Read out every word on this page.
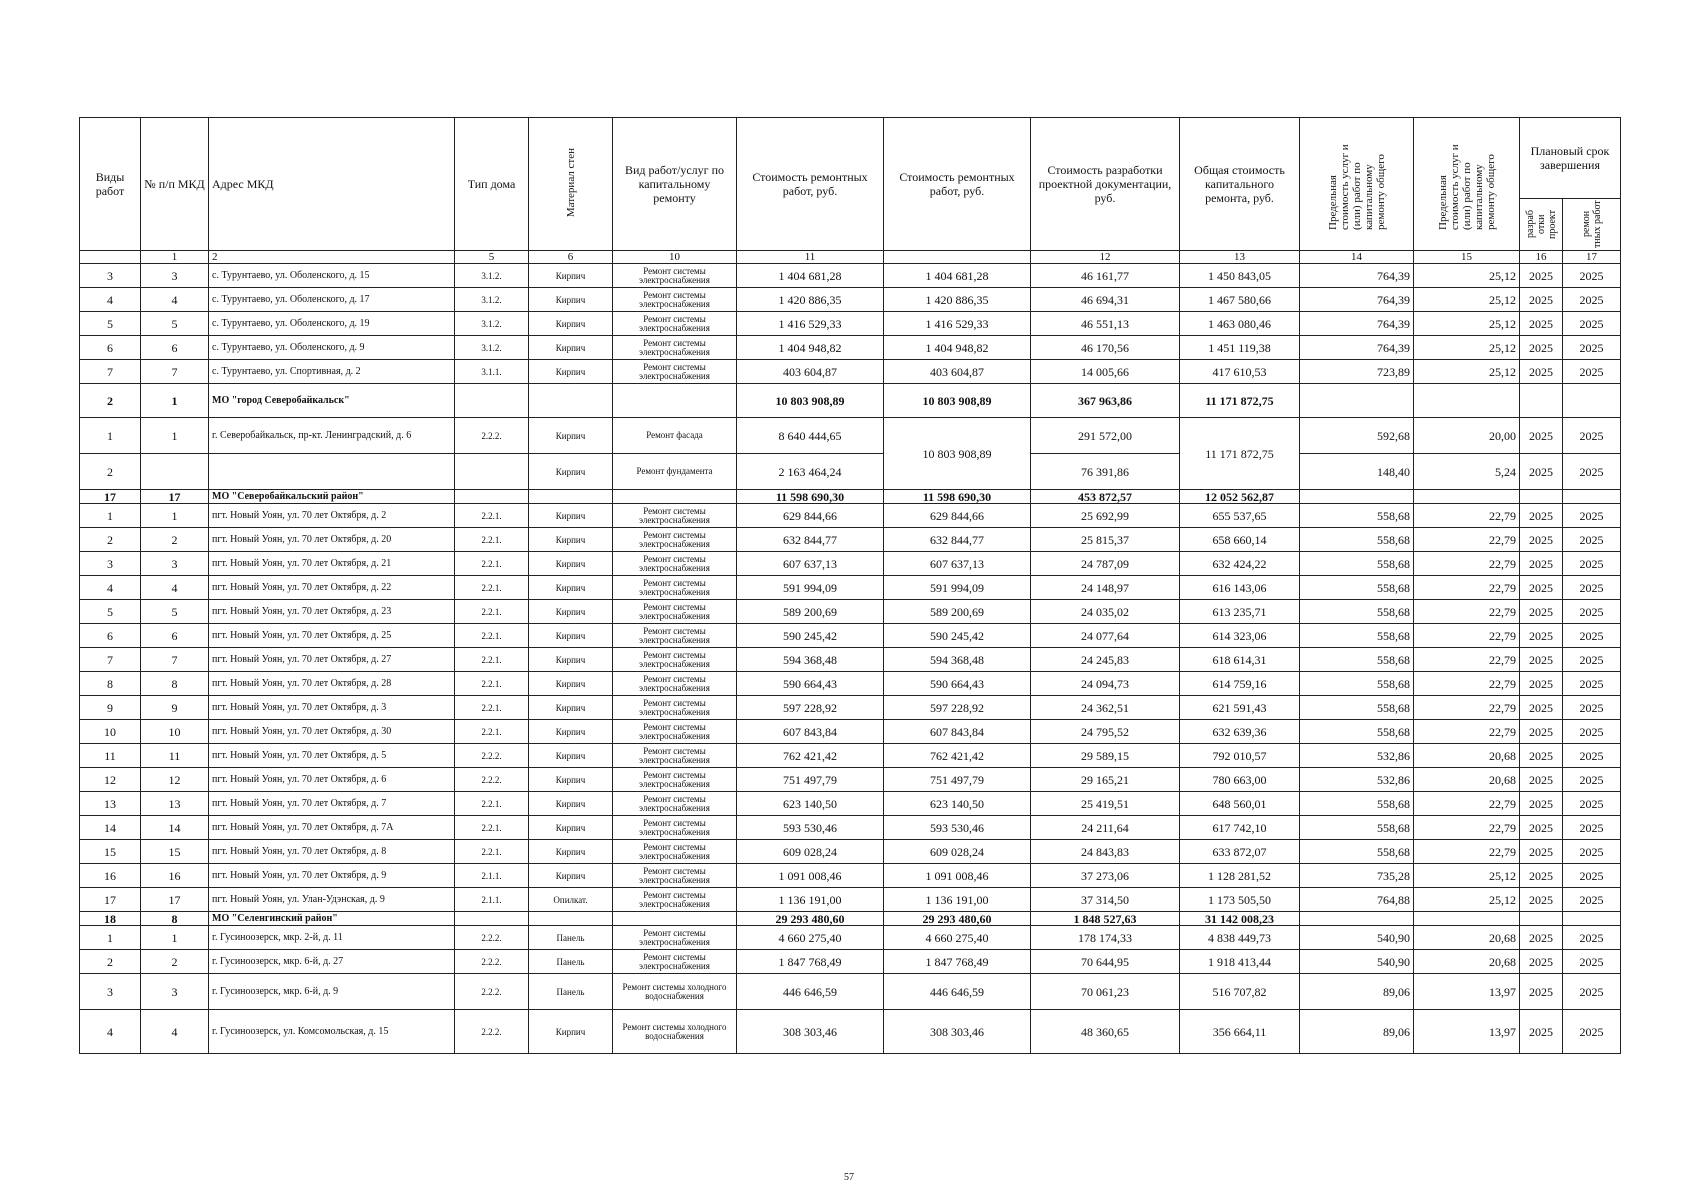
Виды работ	№ п/п МКД	Адрес МКД	Тип дома	Материал стен	Вид работ/услуг по капитальному ремонту	Стоимость ремонтных работ, руб.	Стоимость ремонтных работ, руб.	Стоимость разработки проектной документации, руб.	Общая стоимость капитального ремонта, руб.	Предельная стоимость услуг и (или) работ по капитальному ремонту общего	Предельная стоимость услуг и (или) работ по капитальному ремонту общего	Плановый срок завершения	
												разраб отки проект	ремон тных работ
	1	2	5	6	10	11		12	13	14	15	16	17
3	3	с. Турунтаево, ул. Оболенского, д. 15	3.1.2.	Кирпич	Ремонт системы электроснабжения	1 404 681,28	1 404 681,28	46 161,77	1 450 843,05	764,39	25,12	2025	2025
4	4	с. Турунтаево, ул. Оболенского, д. 17	3.1.2.	Кирпич	Ремонт системы электроснабжения	1 420 886,35	1 420 886,35	46 694,31	1 467 580,66	764,39	25,12	2025	2025
5	5	с. Турунтаево, ул. Оболенского, д. 19	3.1.2.	Кирпич	Ремонт системы электроснабжения	1 416 529,33	1 416 529,33	46 551,13	1 463 080,46	764,39	25,12	2025	2025
6	6	с. Турунтаево, ул. Оболенского, д. 9	3.1.2.	Кирпич	Ремонт системы электроснабжения	1 404 948,82	1 404 948,82	46 170,56	1 451 119,38	764,39	25,12	2025	2025
7	7	с. Турунтаево, ул. Спортивная, д. 2	3.1.1.	Кирпич	Ремонт системы электроснабжения	403 604,87	403 604,87	14 005,66	417 610,53	723,89	25,12	2025	2025
2	1	МО "город Северобайкальск"				10 803 908,89	10 803 908,89	367 963,86	11 171 872,75				
1	1	г. Северобайкальск, пр-кт. Ленинградский, д. 6	2.2.2.	Кирпич	Ремонт фасада	8 640 444,65	10 803 908,89	291 572,00	11 171 872,75	592,68	20,00	2025	2025
2				Кирпич	Ремонт фундамента	2 163 464,24		76 391,86		148,40	5,24	2025	2025
17	17	МО "Северобайкальский район"				11 598 690,30	11 598 690,30	453 872,57	12 052 562,87				
1	1	пгт. Новый Уоян, ул. 70 лет Октября, д. 2	2.2.1.	Кирпич	Ремонт системы электроснабжения	629 844,66	629 844,66	25 692,99	655 537,65	558,68	22,79	2025	2025
2	2	пгт. Новый Уоян, ул. 70 лет Октября, д. 20	2.2.1.	Кирпич	Ремонт системы электроснабжения	632 844,77	632 844,77	25 815,37	658 660,14	558,68	22,79	2025	2025
3	3	пгт. Новый Уоян, ул. 70 лет Октября, д. 21	2.2.1.	Кирпич	Ремонт системы электроснабжения	607 637,13	607 637,13	24 787,09	632 424,22	558,68	22,79	2025	2025
4	4	пгт. Новый Уоян, ул. 70 лет Октября, д. 22	2.2.1.	Кирпич	Ремонт системы электроснабжения	591 994,09	591 994,09	24 148,97	616 143,06	558,68	22,79	2025	2025
5	5	пгт. Новый Уоян, ул. 70 лет Октября, д. 23	2.2.1.	Кирпич	Ремонт системы электроснабжения	589 200,69	589 200,69	24 035,02	613 235,71	558,68	22,79	2025	2025
6	6	пгт. Новый Уоян, ул. 70 лет Октября, д. 25	2.2.1.	Кирпич	Ремонт системы электроснабжения	590 245,42	590 245,42	24 077,64	614 323,06	558,68	22,79	2025	2025
7	7	пгт. Новый Уоян, ул. 70 лет Октября, д. 27	2.2.1.	Кирпич	Ремонт системы электроснабжения	594 368,48	594 368,48	24 245,83	618 614,31	558,68	22,79	2025	2025
8	8	пгт. Новый Уоян, ул. 70 лет Октября, д. 28	2.2.1.	Кирпич	Ремонт системы электроснабжения	590 664,43	590 664,43	24 094,73	614 759,16	558,68	22,79	2025	2025
9	9	пгт. Новый Уоян, ул. 70 лет Октября, д. 3	2.2.1.	Кирпич	Ремонт системы электроснабжения	597 228,92	597 228,92	24 362,51	621 591,43	558,68	22,79	2025	2025
10	10	пгт. Новый Уоян, ул. 70 лет Октября, д. 30	2.2.1.	Кирпич	Ремонт системы электроснабжения	607 843,84	607 843,84	24 795,52	632 639,36	558,68	22,79	2025	2025
11	11	пгт. Новый Уоян, ул. 70 лет Октября, д. 5	2.2.2.	Кирпич	Ремонт системы электроснабжения	762 421,42	762 421,42	29 589,15	792 010,57	532,86	20,68	2025	2025
12	12	пгт. Новый Уоян, ул. 70 лет Октября, д. 6	2.2.2.	Кирпич	Ремонт системы электроснабжения	751 497,79	751 497,79	29 165,21	780 663,00	532,86	20,68	2025	2025
13	13	пгт. Новый Уоян, ул. 70 лет Октября, д. 7	2.2.1.	Кирпич	Ремонт системы электроснабжения	623 140,50	623 140,50	25 419,51	648 560,01	558,68	22,79	2025	2025
14	14	пгт. Новый Уоян, ул. 70 лет Октября, д. 7А	2.2.1.	Кирпич	Ремонт системы электроснабжения	593 530,46	593 530,46	24 211,64	617 742,10	558,68	22,79	2025	2025
15	15	пгт. Новый Уоян, ул. 70 лет Октября, д. 8	2.2.1.	Кирпич	Ремонт системы электроснабжения	609 028,24	609 028,24	24 843,83	633 872,07	558,68	22,79	2025	2025
16	16	пгт. Новый Уоян, ул. 70 лет Октября, д. 9	2.1.1.	Кирпич	Ремонт системы электроснабжения	1 091 008,46	1 091 008,46	37 273,06	1 128 281,52	735,28	25,12	2025	2025
17	17	пгт. Новый Уоян, ул. Улан-Удэнская, д. 9	2.1.1.	Опилкат.	Ремонт системы электроснабжения	1 136 191,00	1 136 191,00	37 314,50	1 173 505,50	764,88	25,12	2025	2025
18	8	МО "Селенгинский район"				29 293 480,60	29 293 480,60	1 848 527,63	31 142 008,23				
1	1	г. Гусиноозерск, мкр. 2-й, д. 11	2.2.2.	Панель	Ремонт системы электроснабжения	4 660 275,40	4 660 275,40	178 174,33	4 838 449,73	540,90	20,68	2025	2025
2	2	г. Гусиноозерск, мкр. 6-й, д. 27	2.2.2.	Панель	Ремонт системы электроснабжения	1 847 768,49	1 847 768,49	70 644,95	1 918 413,44	540,90	20,68	2025	2025
3	3	г. Гусиноозерск, мкр. 6-й, д. 9	2.2.2.	Панель	Ремонт системы холодного водоснабжения	446 646,59	446 646,59	70 061,23	516 707,82	89,06	13,97	2025	2025
4	4	г. Гусиноозерск, ул. Комсомольская, д. 15	2.2.2.	Кирпич	Ремонт системы холодного водоснабжения	308 303,46	308 303,46	48 360,65	356 664,11	89,06	13,97	2025	2025
57
